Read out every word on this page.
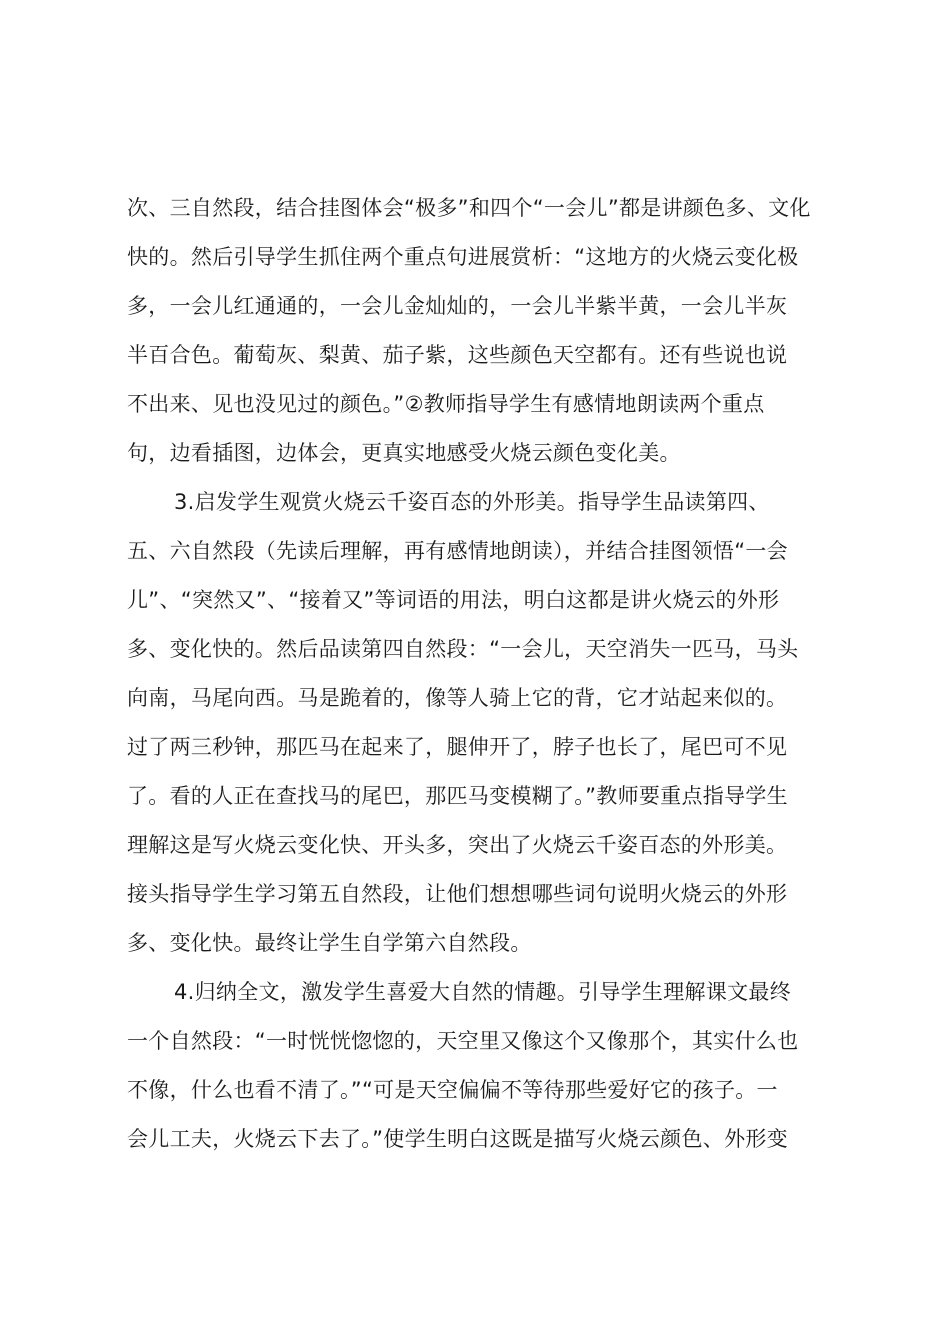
次、三自然段，结合挂图体会“极多”和四个“一会儿”都是讲颜色多、文化
快的。然后引导学生抓住两个重点句进展赏析：“这地方的火烧云变化极
多，一会儿红通通的，一会儿金灿灿的，一会儿半紫半黄，一会儿半灰
半百合色。葡萄灰、梨黄、茄子紫，这些颜色天空都有。还有些说也说
不出来、见也没见过的颜色。”②教师指导学生有感情地朗读两个重点
句，边看插图，边体会，更真实地感受火烧云颜色变化美。
3.启发学生观赏火烧云千姿百态的外形美。指导学生品读第四、
五、六自然段（先读后理解，再有感情地朗读），并结合挂图领悟“一会
儿”、“突然又”、“接着又”等词语的用法，明白这都是讲火烧云的外形
多、变化快的。然后品读第四自然段：“一会儿，天空消失一匹马，马头
向南，马尾向西。马是跪着的，像等人骑上它的背，它才站起来似的。
过了两三秒钟，那匹马在起来了，腿伸开了，脖子也长了，尾巴可不见
了。看的人正在查找马的尾巴，那匹马变模糊了。”教师要重点指导学生
理解这是写火烧云变化快、开头多，突出了火烧云千姿百态的外形美。
接头指导学生学习第五自然段，让他们想想哪些词句说明火烧云的外形
多、变化快。最终让学生自学第六自然段。
4.归纳全文，激发学生喜爱大自然的情趣。引导学生理解课文最终
一个自然段：“一时恍恍惚惚的，天空里又像这个又像那个，其实什么也
不像，什么也看不清了。”“可是天空偏偏不等待那些爱好它的孩子。一
会儿工夫，火烧云下去了。”使学生明白这既是描写火烧云颜色、外形变
